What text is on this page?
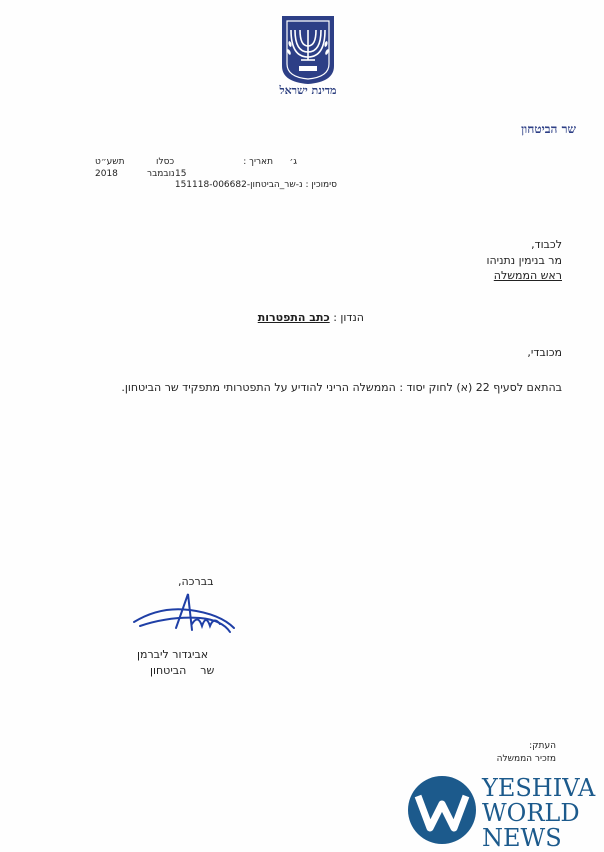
מדינת ישראל
שר הביטחון
תאריך : ג׳
כסלו
תשע״ט
15
נובמבר
2018
סימוכין : נ-שר_הביטחון-151118-006682
לכבוד,
מר בנימין נתניהו
ראש הממשלה
הנדון : כתב התפטרות
מכובדי,
בהתאם לסעיף 22 (א) לחוק יסוד : הממשלה הריני להודיע על התפטרותי מתפקיד שר הביטחון.
בברכה,
אביגדור ליברמן
שר    הביטחון
העתק:
מזכיר הממשלה
YESHIVA
WORLD
NEWS
